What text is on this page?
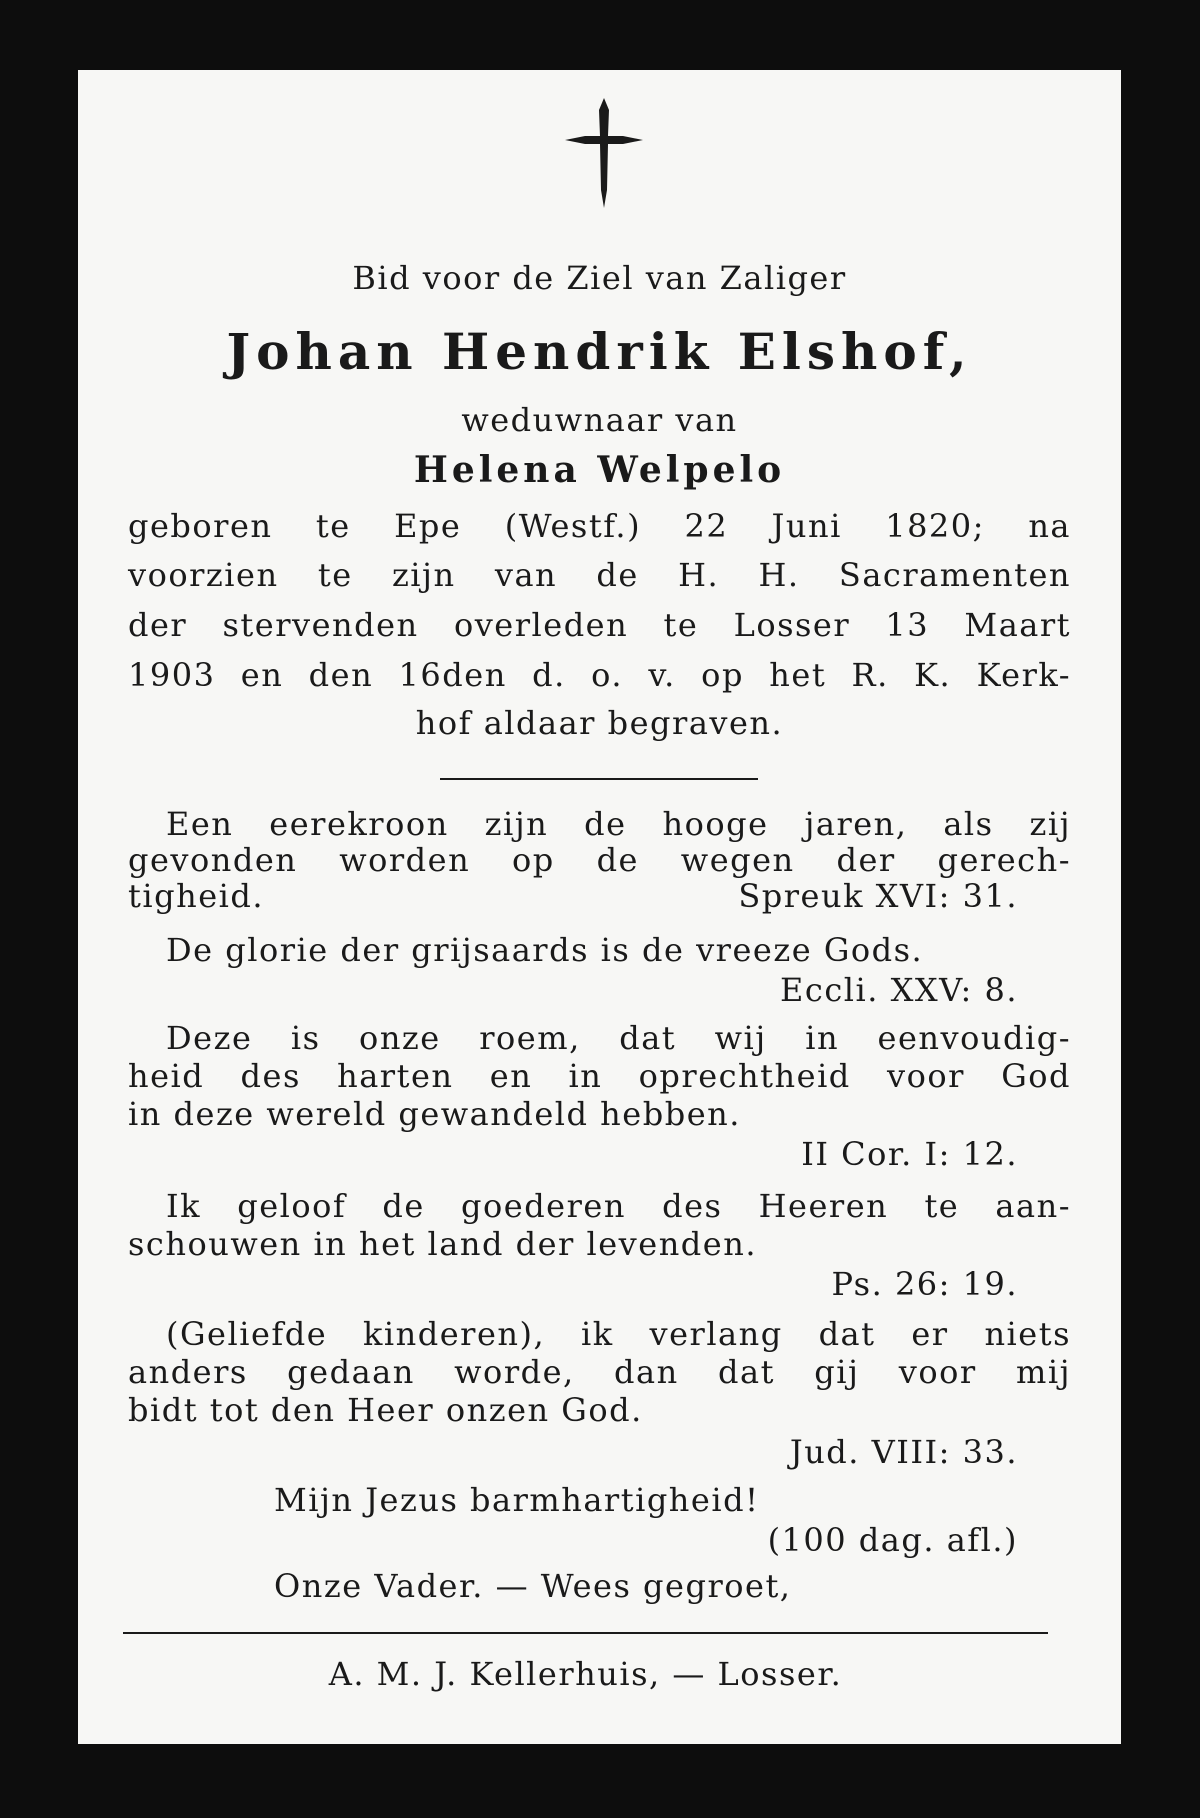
Bid voor de Ziel van Zaliger
Johan Hendrik Elshof,
weduwnaar van
Helena Welpelo
geboren te Epe (Westf.) 22 Juni 1820; na
voorzien te zijn van de H. H. Sacramenten
der stervenden overleden te Losser 13 Maart
1903 en den 16den d. o. v. op het R. K. Kerk-
hof aldaar begraven.
Een eerekroon zijn de hooge jaren, als zij
gevonden worden op de wegen der gerech-
tigheid.	Spreuk XVI: 31.
De glorie der grijsaards is de vreeze Gods.
Eccli. XXV: 8.
Deze is onze roem, dat wij in eenvoudig-
heid des harten en in oprechtheid voor God
in deze wereld gewandeld hebben.
II Cor. I: 12.
Ik geloof de goederen des Heeren te aan-
schouwen in het land der levenden.
Ps. 26: 19.
(Geliefde kinderen), ik verlang dat er niets
anders gedaan worde, dan dat gij voor mij
bidt tot den Heer onzen God.
Jud. VIII: 33.
Mijn Jezus barmhartigheid!
(100 dag. afl.)
Onze Vader. — Wees gegroet,
A. M. J. Kellerhuis, — Losser.
